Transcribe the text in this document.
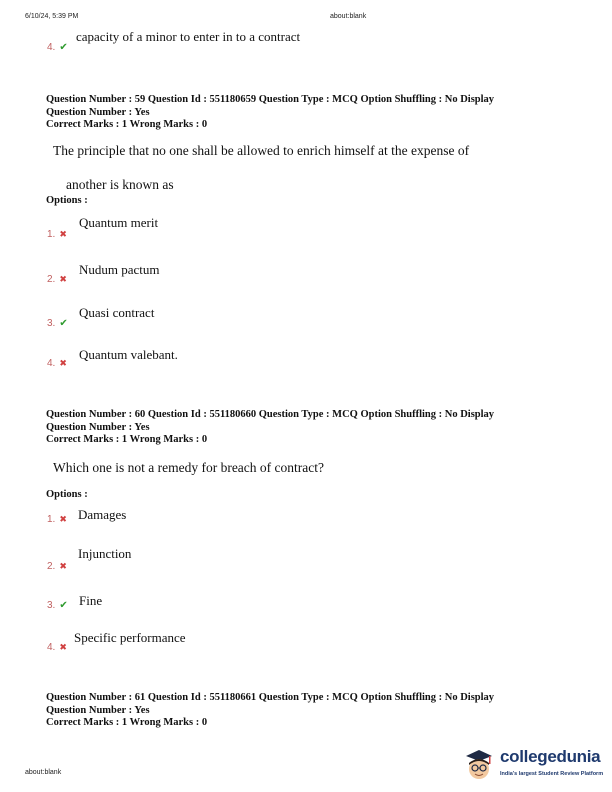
6/10/24, 5:39 PM	about:blank
4. ✔
capacity of a minor to enter in to a contract
Question Number : 59 Question Id : 551180659 Question Type : MCQ Option Shuffling : No Display
Question Number : Yes
Correct Marks : 1 Wrong Marks : 0
The principle that no one shall be allowed to enrich himself at the expense of
another is known as
Options :
1. ✖
Quantum merit
2. ✖
Nudum pactum
3. ✔
Quasi contract
4. ✖
Quantum valebant.
Question Number : 60 Question Id : 551180660 Question Type : MCQ Option Shuffling : No Display
Question Number : Yes
Correct Marks : 1 Wrong Marks : 0
Which one is not a remedy for breach of contract?
Options :
1. ✖ Damages
2. ✖
Injunction
3. ✔ Fine
4. ✖
Specific performance
Question Number : 61 Question Id : 551180661 Question Type : MCQ Option Shuffling : No Display
Question Number : Yes
Correct Marks : 1 Wrong Marks : 0
about:blank
collegedunia
India's largest Student Review Platform
